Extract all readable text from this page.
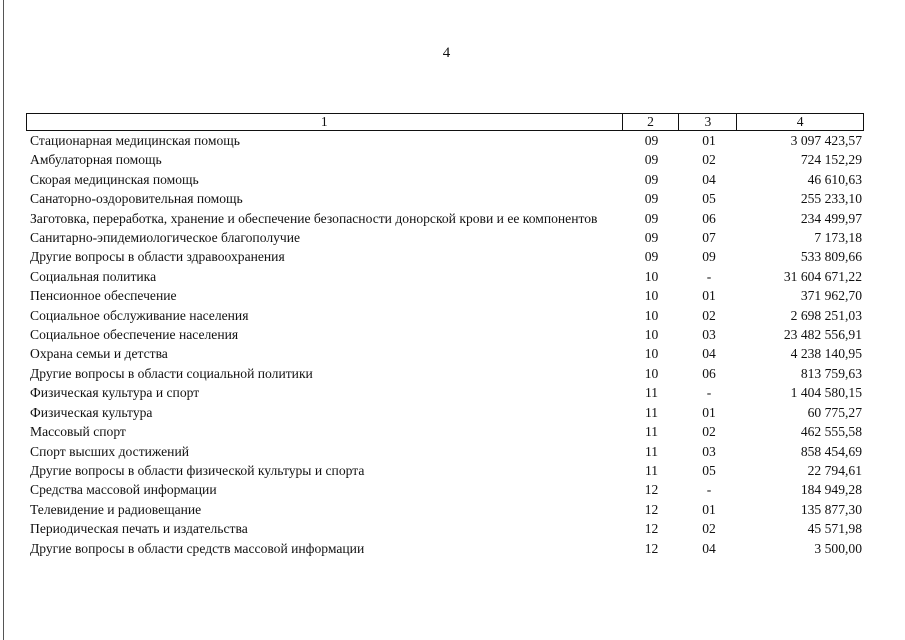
4
1	2	3	4
Стационарная медицинская помощь	09	01	3 097 423,57
Амбулаторная помощь	09	02	724 152,29
Скорая медицинская помощь	09	04	46 610,63
Санаторно-оздоровительная помощь	09	05	255 233,10
Заготовка, переработка, хранение и обеспечение безопасности донорской крови и ее компонентов	09	06	234 499,97
Санитарно-эпидемиологическое благополучие	09	07	7 173,18
Другие вопросы в области здравоохранения	09	09	533 809,66
Социальная политика	10	-	31 604 671,22
Пенсионное обеспечение	10	01	371 962,70
Социальное обслуживание населения	10	02	2 698 251,03
Социальное обеспечение населения	10	03	23 482 556,91
Охрана семьи и детства	10	04	4 238 140,95
Другие вопросы в области социальной политики	10	06	813 759,63
Физическая культура и спорт	11	-	1 404 580,15
Физическая культура	11	01	60 775,27
Массовый спорт	11	02	462 555,58
Спорт высших достижений	11	03	858 454,69
Другие вопросы в области физической культуры и спорта	11	05	22 794,61
Средства массовой информации	12	-	184 949,28
Телевидение и радиовещание	12	01	135 877,30
Периодическая печать и издательства	12	02	45 571,98
Другие вопросы в области средств массовой информации	12	04	3 500,00
